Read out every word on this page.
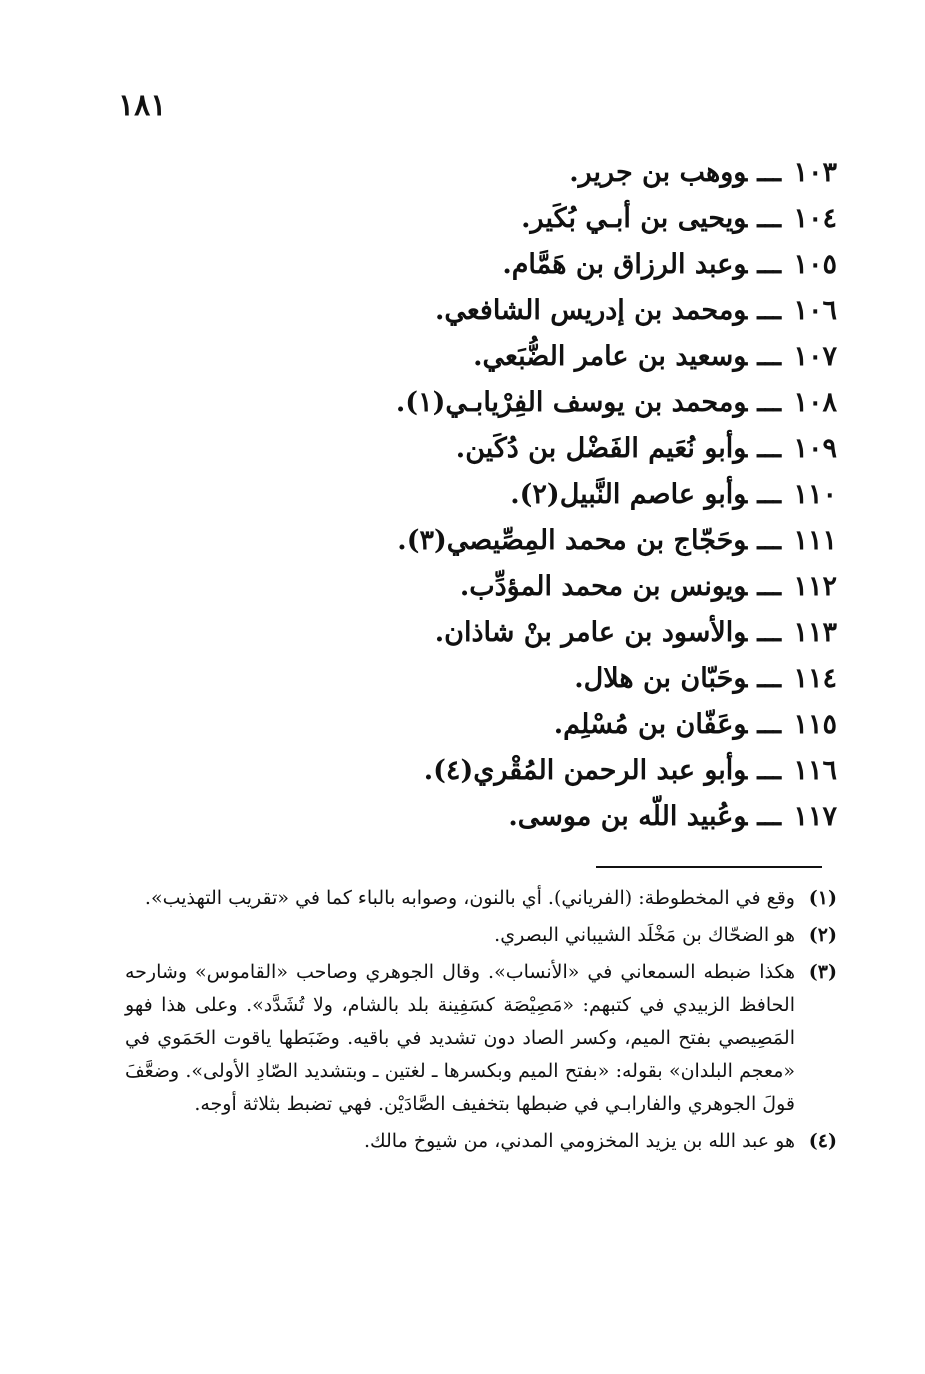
١٨١
١٠٣ـــووهب بن جرير.
١٠٤ـــويحيى بن أبـي بُكَير.
١٠٥ـــوعبد الرزاق بن هَمَّام.
١٠٦ـــومحمد بن إدريس الشافعي.
١٠٧ـــوسعيد بن عامر الضُّبَعي.
١٠٨ـــومحمد بن يوسف الفِرْيابـي(١).
١٠٩ـــوأبو نُعَيم الفَضْل بن دُكَين.
١١٠ـــوأبو عاصم النَّبيل(٢).
١١١ـــوحَجّاج بن محمد المِصِّيصي(٣).
١١٢ـــويونس بن محمد المؤدِّب.
١١٣ـــوالأسود بن عامر بنْ شاذان.
١١٤ـــوحَبّان بن هلال.
١١٥ـــوعَفّان بن مُسْلِم.
١١٦ـــوأبو عبد الرحمن المُقْري(٤).
١١٧ـــوعُبيد اللّه بن موسى.
(١)
وقع في المخطوطة: (الفرياني). أي بالنون، وصوابه بالباء كما في «تقريب التهذيب».
(٢)
هو الضحّاك بن مَخْلَد الشيباني البصري.
(٣)
هكذا ضبطه السمعاني في «الأنساب». وقال الجوهري وصاحب «القاموس» وشارحه الحافظ الزبيدي في كتبهم: «مَصِيْصَة كسَفِينة بلد بالشام، ولا تُشَدَّد». وعلى هذا فهو المَصِيصي بفتح الميم، وكسر الصاد دون تشديد في باقيه. وضَبَطها ياقوت الحَمَوي في «معجم البلدان» بقوله: «بفتح الميم وبكسرها ـ لغتين ـ وبتشديد الصّادِ الأولى». وضعَّفَ قولَ الجوهري والفارابـي في ضبطها بتخفيف الصَّادَيْن. فهي تضبط بثلاثة أوجه.
(٤)
هو عبد الله بن يزيد المخزومي المدني، من شيوخ مالك.
